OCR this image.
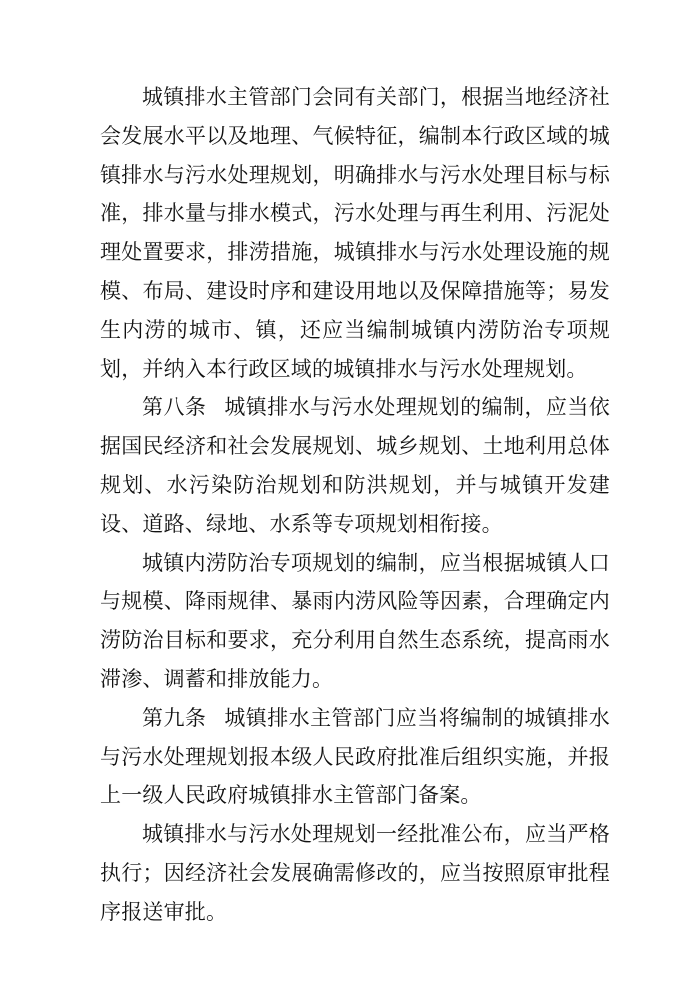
城镇排水主管部门会同有关部门，根据当地经济社会发展水平以及地理、气候特征，编制本行政区域的城镇排水与污水处理规划，明确排水与污水处理目标与标准，排水量与排水模式，污水处理与再生利用、污泥处理处置要求，排涝措施，城镇排水与污水处理设施的规模、布局、建设时序和建设用地以及保障措施等；易发生内涝的城市、镇，还应当编制城镇内涝防治专项规划，并纳入本行政区域的城镇排水与污水处理规划。

第八条 城镇排水与污水处理规划的编制，应当依据国民经济和社会发展规划、城乡规划、土地利用总体规划、水污染防治规划和防洪规划，并与城镇开发建设、道路、绿地、水系等专项规划相衔接。

城镇内涝防治专项规划的编制，应当根据城镇人口与规模、降雨规律、暴雨内涝风险等因素，合理确定内涝防治目标和要求，充分利用自然生态系统，提高雨水滞渗、调蓄和排放能力。

第九条 城镇排水主管部门应当将编制的城镇排水与污水处理规划报本级人民政府批准后组织实施，并报上一级人民政府城镇排水主管部门备案。

城镇排水与污水处理规划一经批准公布，应当严格执行；因经济社会发展确需修改的，应当按照原审批程序报送审批。
